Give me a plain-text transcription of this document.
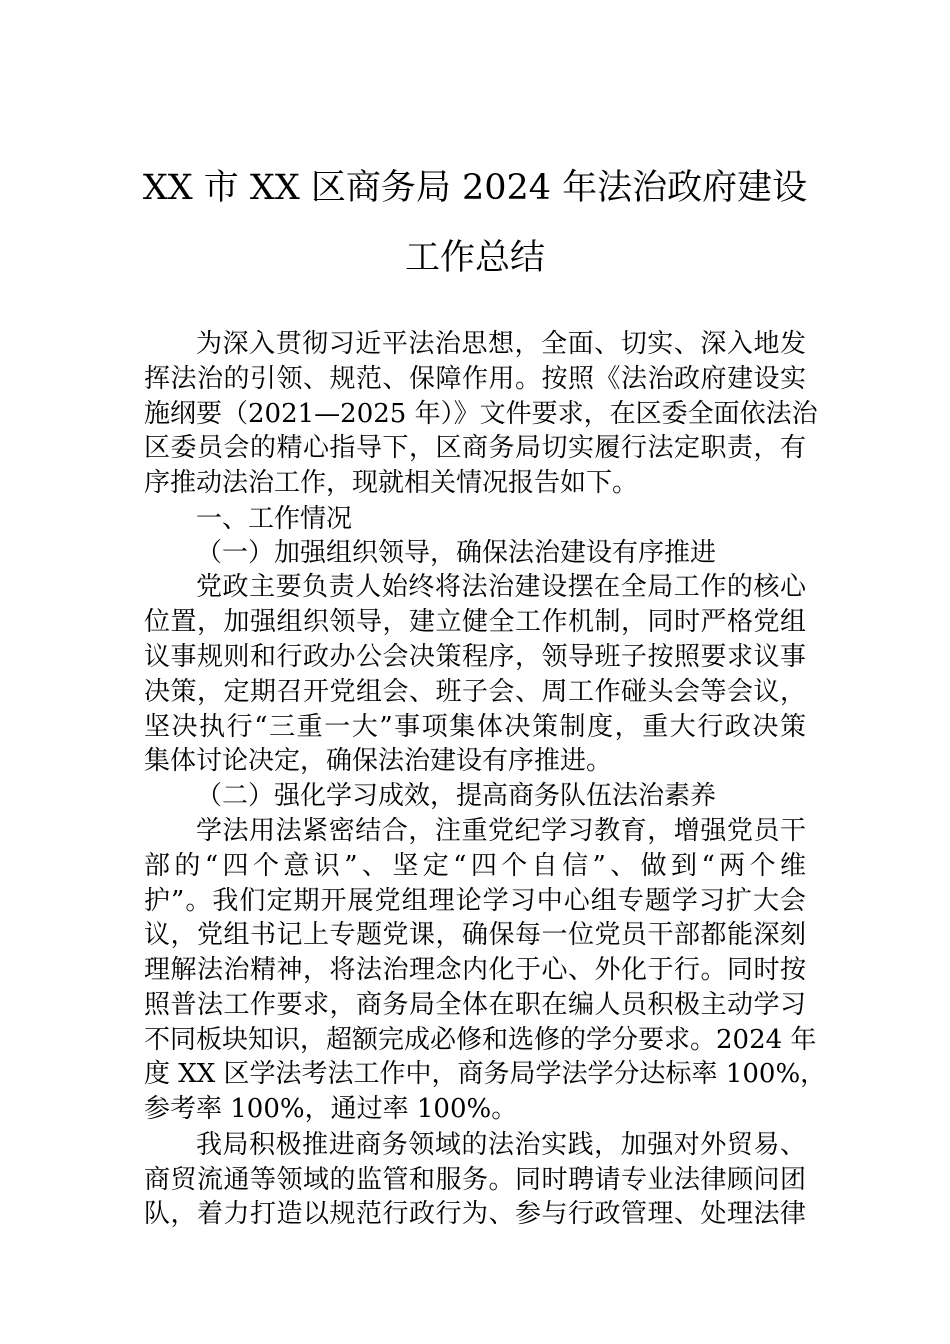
XX 市 XX 区商务局 2024 年法治政府建设
工作总结
为深入贯彻习近平法治思想，全面、切实、深入地发
挥法治的引领、规范、保障作用。按照《法治政府建设实
施纲要（2021—2025 年）》文件要求，在区委全面依法治
区委员会的精心指导下，区商务局切实履行法定职责，有
序推动法治工作，现就相关情况报告如下。
一、工作情况
（一）加强组织领导，确保法治建设有序推进
党政主要负责人始终将法治建设摆在全局工作的核心
位置，加强组织领导，建立健全工作机制，同时严格党组
议事规则和行政办公会决策程序，领导班子按照要求议事
决策，定期召开党组会、班子会、周工作碰头会等会议，
坚决执行“三重一大”事项集体决策制度，重大行政决策
集体讨论决定，确保法治建设有序推进。
（二）强化学习成效，提高商务队伍法治素养
学法用法紧密结合，注重党纪学习教育，增强党员干
部的“四个意识”、坚定“四个自信”、做到“两个维
护”。我们定期开展党组理论学习中心组专题学习扩大会
议，党组书记上专题党课，确保每一位党员干部都能深刻
理解法治精神，将法治理念内化于心、外化于行。同时按
照普法工作要求，商务局全体在职在编人员积极主动学习
不同板块知识，超额完成必修和选修的学分要求。2024 年
度 XX 区学法考法工作中，商务局学法学分达标率 100%，
参考率 100%，通过率 100%。
我局积极推进商务领域的法治实践，加强对外贸易、
商贸流通等领域的监管和服务。同时聘请专业法律顾问团
队，着力打造以规范行政行为、参与行政管理、处理法律
